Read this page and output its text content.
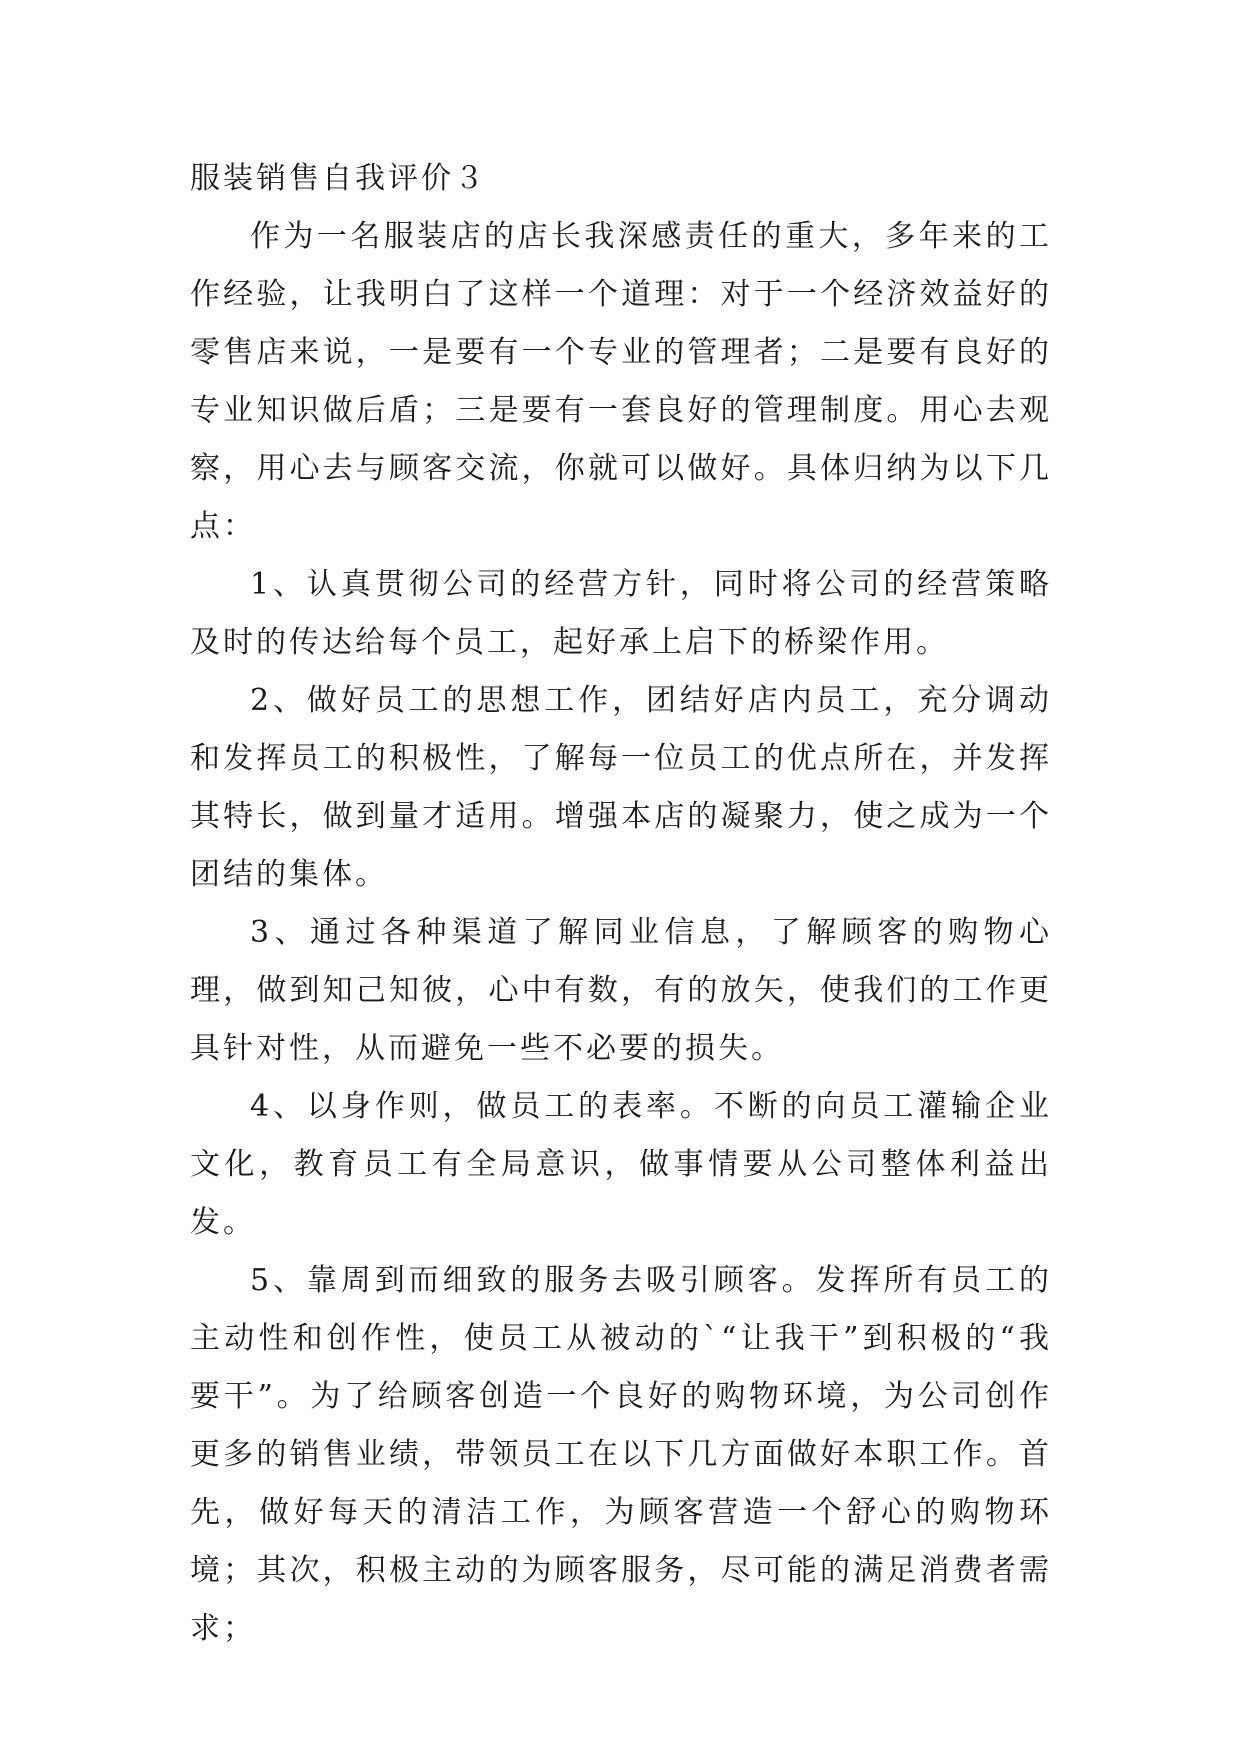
服装销售自我评价３

作为一名服装店的店长我深感责任的重大，多年来的工作经验，让我明白了这样一个道理：对于一个经济效益好的零售店来说，一是要有一个专业的管理者；二是要有良好的专业知识做后盾；三是要有一套良好的管理制度。用心去观察，用心去与顾客交流，你就可以做好。具体归纳为以下几点：

1、认真贯彻公司的经营方针，同时将公司的经营策略及时的传达给每个员工，起好承上启下的桥梁作用。

2、做好员工的思想工作，团结好店内员工，充分调动和发挥员工的积极性，了解每一位员工的优点所在，并发挥其特长，做到量才适用。增强本店的凝聚力，使之成为一个团结的集体。

3、通过各种渠道了解同业信息，了解顾客的购物心理，做到知己知彼，心中有数，有的放矢，使我们的工作更具针对性，从而避免一些不必要的损失。

4、以身作则，做员工的表率。不断的向员工灌输企业文化，教育员工有全局意识，做事情要从公司整体利益出发。

5、靠周到而细致的服务去吸引顾客。发挥所有员工的主动性和创作性，使员工从被动的`“让我干”到积极的“我要干”。为了给顾客创造一个良好的购物环境，为公司创作更多的销售业绩，带领员工在以下几方面做好本职工作。首先，做好每天的清洁工作，为顾客营造一个舒心的购物环境；其次，积极主动的为顾客服务，尽可能的满足消费者需求；
